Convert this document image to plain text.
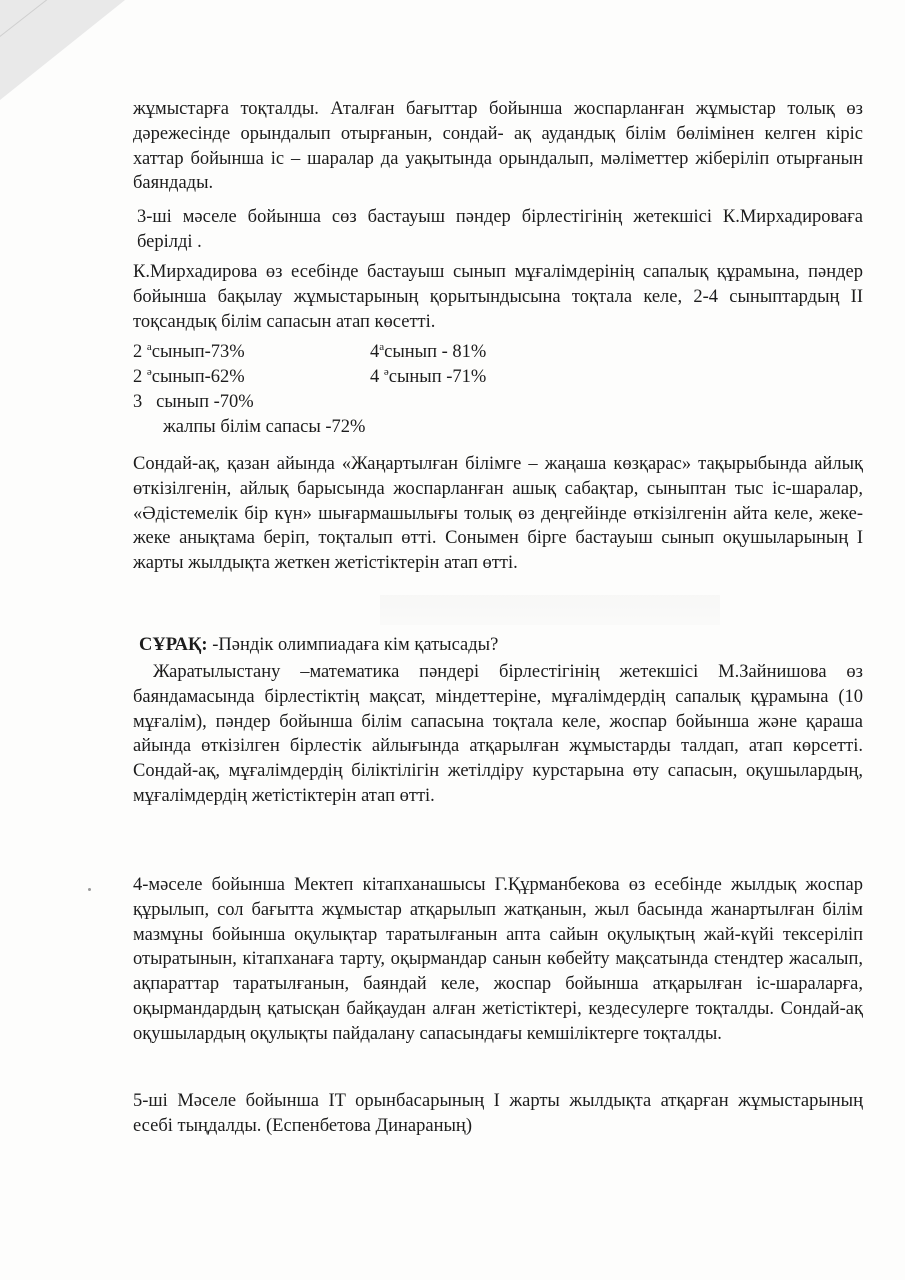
жұмыстарға тоқталды. Аталған бағыттар бойынша жоспарланған жұмыстар толық өз дәрежесінде орындалып отырғанын, сондай- ақ аудандық білім бөлімінен келген кіріс хаттар бойынша іс – шаралар да уақытында орындалып, мәліметтер жіберіліп отырғанын баяндады.

3-ші мәселе бойынша сөз бастауыш пәндер бірлестігінің жетекшісі К.Мирхадироваға берілді .

К.Мирхадирова өз есебінде бастауыш сынып мұғалімдерінің сапалық құрамына, пәндер бойынша бақылау жұмыстарының қорытындысына тоқтала келе, 2-4 сыныптардың ІІ тоқсандық білім сапасын атап көсетті.

2 $^а$сынып-73%	$4^асынып - 81\%$
2 $^ә$сынып-62%	4 $^ә$сынып -71%
3   сынып -70%
жалпы білім сапасы -72%

Сондай-ақ, қазан айында «Жаңартылған білімге – жаңаша көзқарас» тақырыбында айлық өткізілгенін, айлық барысында жоспарланған ашық сабақтар, сыныптан тыс іс-шаралар, «Әдістемелік бір күн» шығармашылығы толық өз деңгейінде өткізілгенін айта келе, жеке-жеке анықтама беріп, тоқталып өтті. Сонымен бірге бастауыш сынып оқушыларының І жарты жылдықта жеткен жетістіктерін атап өтті.

СҰРАҚ: -Пәндік олимпиадаға кім қатысады?

Жаратылыстану –математика пәндері бірлестігінің жетекшісі М.Зайнишова өз баяндамасында бірлестіктің мақсат, міндеттеріне, мұғалімдердің сапалық құрамына (10 мұғалім), пәндер бойынша білім сапасына тоқтала келе, жоспар бойынша және қараша айында өткізілген бірлестік айлығында атқарылған жұмыстарды талдап, атап көрсетті. Сондай-ақ, мұғалімдердің біліктілігін жетілдіру курстарына өту сапасын, оқушылардың, мұғалімдердің жетістіктерін атап өтті.

4-мәселе бойынша Мектеп кітапханашысы Г.Құрманбекова өз есебінде жылдық жоспар құрылып, сол бағытта жұмыстар атқарылып жатқанын, жыл басында жанартылған білім мазмұны бойынша оқулықтар таратылғанын апта сайын оқулықтың жай-күйі тексеріліп отыратынын, кітапханаға тарту, оқырмандар санын көбейту мақсатында стендтер жасалып, ақпараттар таратылғанын, баяндай келе, жоспар бойынша атқарылған іс-шараларға, оқырмандардың қатысқан байқаудан алған жетістіктері, кездесулерге тоқталды. Сондай-ақ оқушылардың оқулықты пайдалану сапасындағы кемшіліктерге тоқталды.

5-ші Мәселе бойынша IT орынбасарының І жарты жылдықта атқарған жұмыстарының есебі тыңдалды. (Еспенбетова Динараның)
